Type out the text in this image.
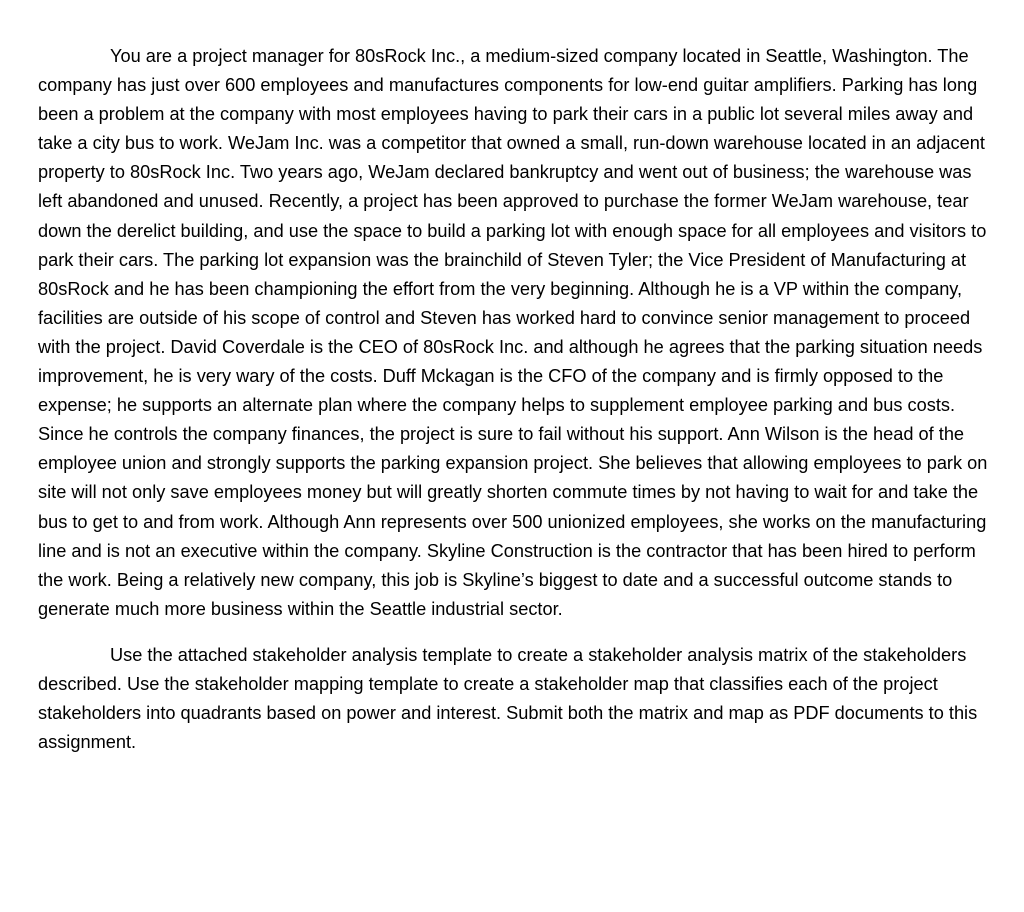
You are a project manager for 80sRock Inc., a medium-sized company located in Seattle, Washington. The company has just over 600 employees and manufactures components for low-end guitar amplifiers. Parking has long been a problem at the company with most employees having to park their cars in a public lot several miles away and take a city bus to work. WeJam Inc. was a competitor that owned a small, run-down warehouse located in an adjacent property to 80sRock Inc. Two years ago, WeJam declared bankruptcy and went out of business; the warehouse was left abandoned and unused. Recently, a project has been approved to purchase the former WeJam warehouse, tear down the derelict building, and use the space to build a parking lot with enough space for all employees and visitors to park their cars. The parking lot expansion was the brainchild of Steven Tyler; the Vice President of Manufacturing at 80sRock and he has been championing the effort from the very beginning. Although he is a VP within the company, facilities are outside of his scope of control and Steven has worked hard to convince senior management to proceed with the project. David Coverdale is the CEO of 80sRock Inc. and although he agrees that the parking situation needs improvement, he is very wary of the costs. Duff Mckagan is the CFO of the company and is firmly opposed to the expense; he supports an alternate plan where the company helps to supplement employee parking and bus costs. Since he controls the company finances, the project is sure to fail without his support. Ann Wilson is the head of the employee union and strongly supports the parking expansion project. She believes that allowing employees to park on site will not only save employees money but will greatly shorten commute times by not having to wait for and take the bus to get to and from work. Although Ann represents over 500 unionized employees, she works on the manufacturing line and is not an executive within the company. Skyline Construction is the contractor that has been hired to perform the work. Being a relatively new company, this job is Skyline’s biggest to date and a successful outcome stands to generate much more business within the Seattle industrial sector.

Use the attached stakeholder analysis template to create a stakeholder analysis matrix of the stakeholders described. Use the stakeholder mapping template to create a stakeholder map that classifies each of the project stakeholders into quadrants based on power and interest. Submit both the matrix and map as PDF documents to this assignment.
